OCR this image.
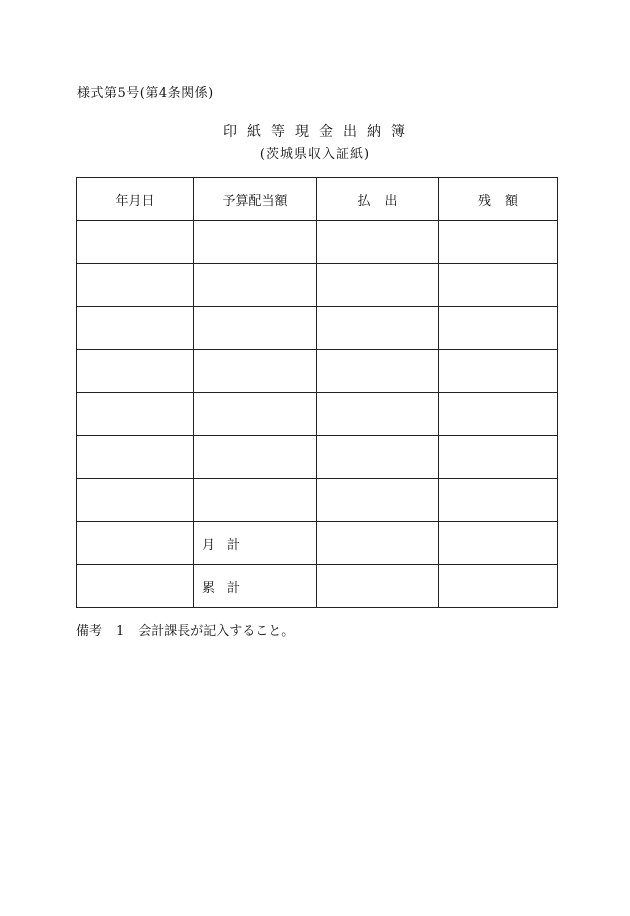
様式第5号(第4条関係)
印紙等現金出納簿
(茨城県収入証紙)
年月日	予算配当額	払出	残額

	月計		
	累計		
備考 1 会計課長が記入すること。
